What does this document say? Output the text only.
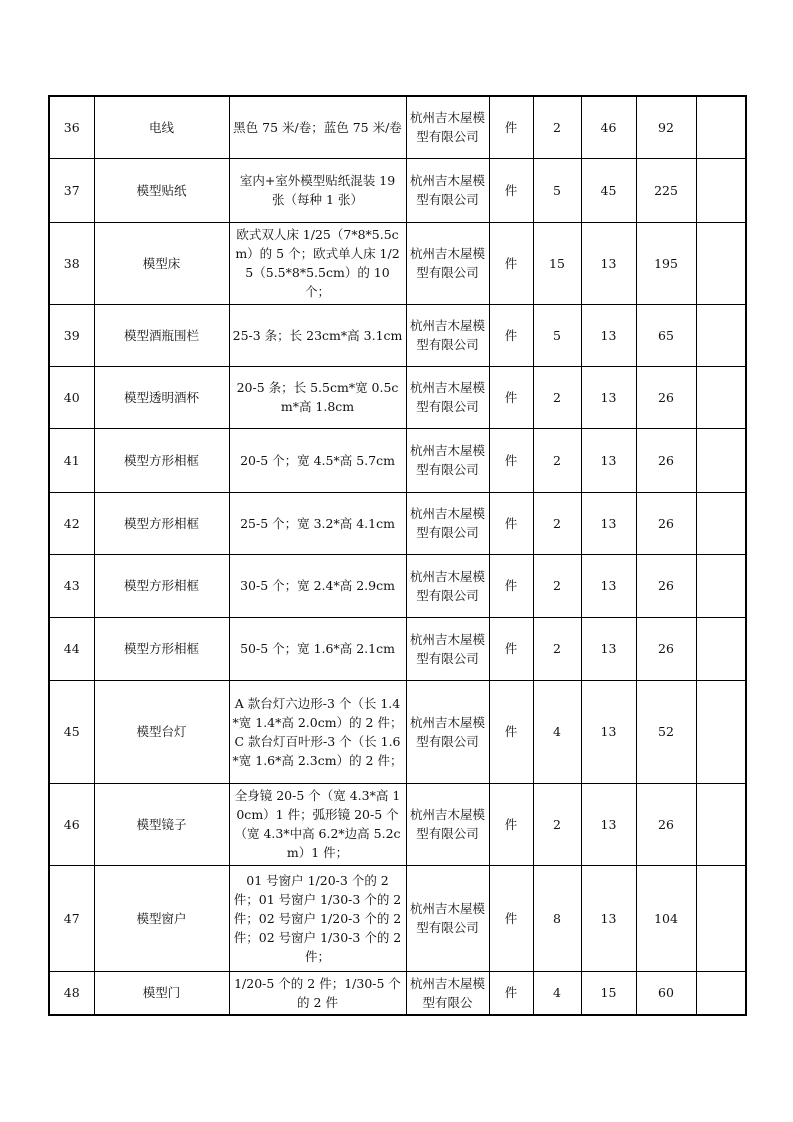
36	电线	黑色 75 米/卷；蓝色 75 米/卷	杭州吉木屋模型有限公司	件	2	46	92	
37	模型贴纸	室内+室外模型贴纸混装 19 张（每种 1 张）	杭州吉木屋模型有限公司	件	5	45	225	
38	模型床	欧式双人床 1/25（7*8*5.5cm）的 5 个；欧式单人床 1/25（5.5*8*5.5cm）的 10 个；	杭州吉木屋模型有限公司	件	15	13	195	
39	模型酒瓶围栏	25-3 条；长 23cm*高 3.1cm	杭州吉木屋模型有限公司	件	5	13	65	
40	模型透明酒杯	20-5 条；长 5.5cm*宽 0.5cm*高 1.8cm	杭州吉木屋模型有限公司	件	2	13	26	
41	模型方形相框	20-5 个；宽 4.5*高 5.7cm	杭州吉木屋模型有限公司	件	2	13	26	
42	模型方形相框	25-5 个；宽 3.2*高 4.1cm	杭州吉木屋模型有限公司	件	2	13	26	
43	模型方形相框	30-5 个；宽 2.4*高 2.9cm	杭州吉木屋模型有限公司	件	2	13	26	
44	模型方形相框	50-5 个；宽 1.6*高 2.1cm	杭州吉木屋模型有限公司	件	2	13	26	
45	模型台灯	A 款台灯六边形-3 个（长 1.4*宽 1.4*高 2.0cm）的 2 件；C 款台灯百叶形-3 个（长 1.6*宽 1.6*高 2.3cm）的 2 件；	杭州吉木屋模型有限公司	件	4	13	52	
46	模型镜子	全身镜 20-5 个（宽 4.3*高 10cm）1 件；弧形镜 20-5 个（宽 4.3*中高 6.2*边高 5.2cm）1 件；	杭州吉木屋模型有限公司	件	2	13	26	
47	模型窗户	01 号窗户 1/20-3 个的 2 件；01 号窗户 1/30-3 个的 2 件；02 号窗户 1/20-3 个的 2 件；02 号窗户 1/30-3 个的 2 件；	杭州吉木屋模型有限公司	件	8	13	104	
48	模型门	1/20-5 个的 2 件；1/30-5 个的 2 件	杭州吉木屋模型有限公	件	4	15	60	
